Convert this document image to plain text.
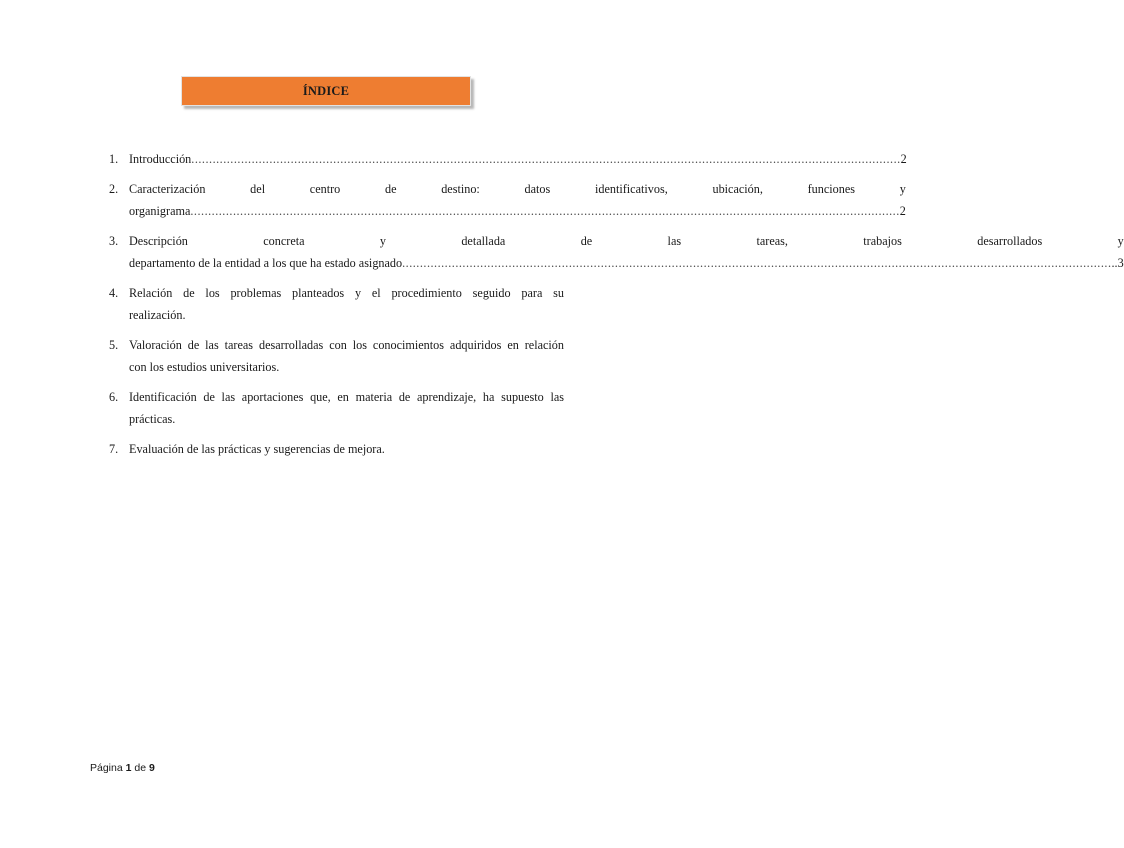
ÍNDICE
1. Introducción .....	2
2. Caracterización del centro de destino: datos identificativos, ubicación, funciones y
organigrama .....	2
3. Descripción concreta y detallada de las tareas, trabajos desarrollados y
departamento de la entidad a los que ha estado asignado .....	..3
4. Relación de los problemas planteados y el procedimiento seguido para su
realización.
5. Valoración de las tareas desarrolladas con los conocimientos adquiridos en relación
con los estudios universitarios.
6. Identificación de las aportaciones que, en materia de aprendizaje, ha supuesto las
prácticas.
7. Evaluación de las prácticas y sugerencias de mejora.
Página 1 de 9
